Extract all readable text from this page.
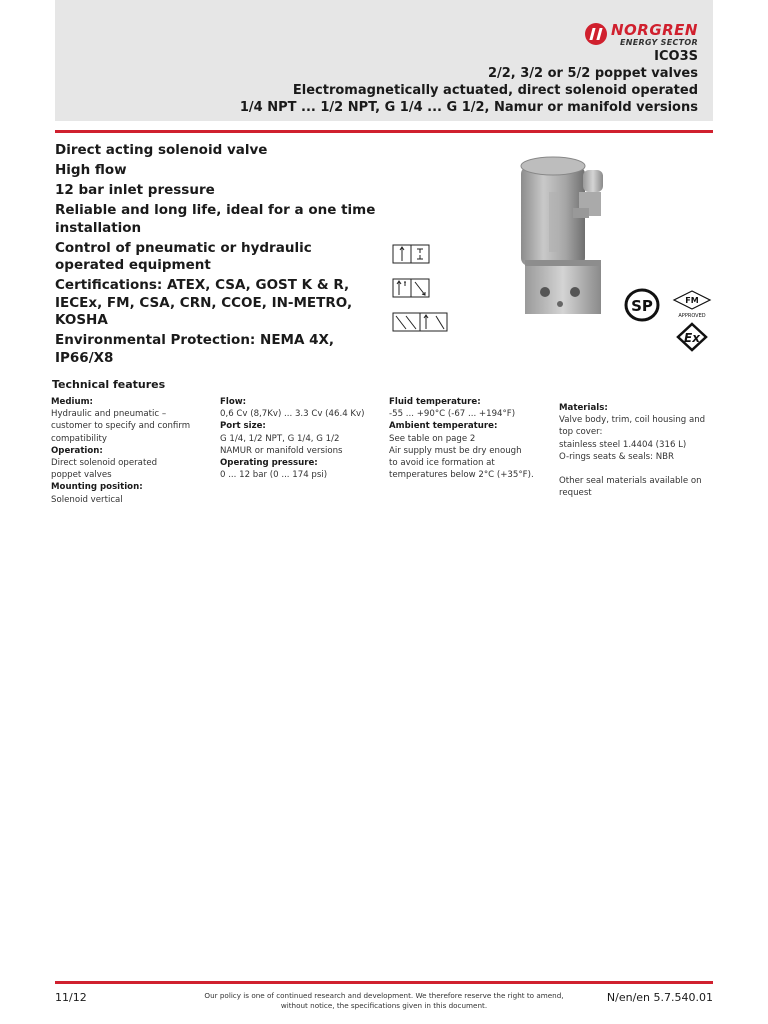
NORGREN
ENERGY SECTOR
ICO3S
2/2, 3/2 or 5/2 poppet valves
Electromagnetically actuated, direct solenoid operated
1/4 NPT ... 1/2 NPT, G 1/4 ... G 1/2, Namur or manifold versions
Direct acting solenoid valve
High flow
12 bar inlet pressure
Reliable and long life, ideal for a one time installation
Control of pneumatic or hydraulic operated equipment
Certifications: ATEX, CSA, GOST K & R, IECEx, FM, CSA, CRN, CCOE, IN-METRO, KOSHA
Environmental Protection: NEMA 4X, IP66/X8
SP	FM
APPROVED
Ex
Technical features
Medium:
Hydraulic and pneumatic –
customer to specify and confirm
compatibility
Operation:
Direct solenoid operated
poppet valves
Mounting position:
Solenoid vertical
Flow:
0,6 Cv (8,7Kv) ... 3.3 Cv (46.4 Kv)
Port size:
G 1/4, 1/2 NPT, G 1/4, G 1/2
NAMUR or manifold versions
Operating pressure:
0 ... 12 bar (0 ... 174 psi)
Fluid temperature:
-55 ... +90°C (-67 ... +194°F)
Ambient temperature:
See table on page 2
Air supply must be dry enough
to avoid ice formation at
temperatures below 2°C (+35°F).
Materials:
Valve body, trim, coil housing and
top cover:
stainless steel 1.4404 (316 L)
O-rings seats & seals: NBR

Other seal materials available on
request
11/12	Our policy is one of continued research and development. We therefore reserve the right to amend,
without notice, the specifications given in this document.
N/en/en 5.7.540.01
